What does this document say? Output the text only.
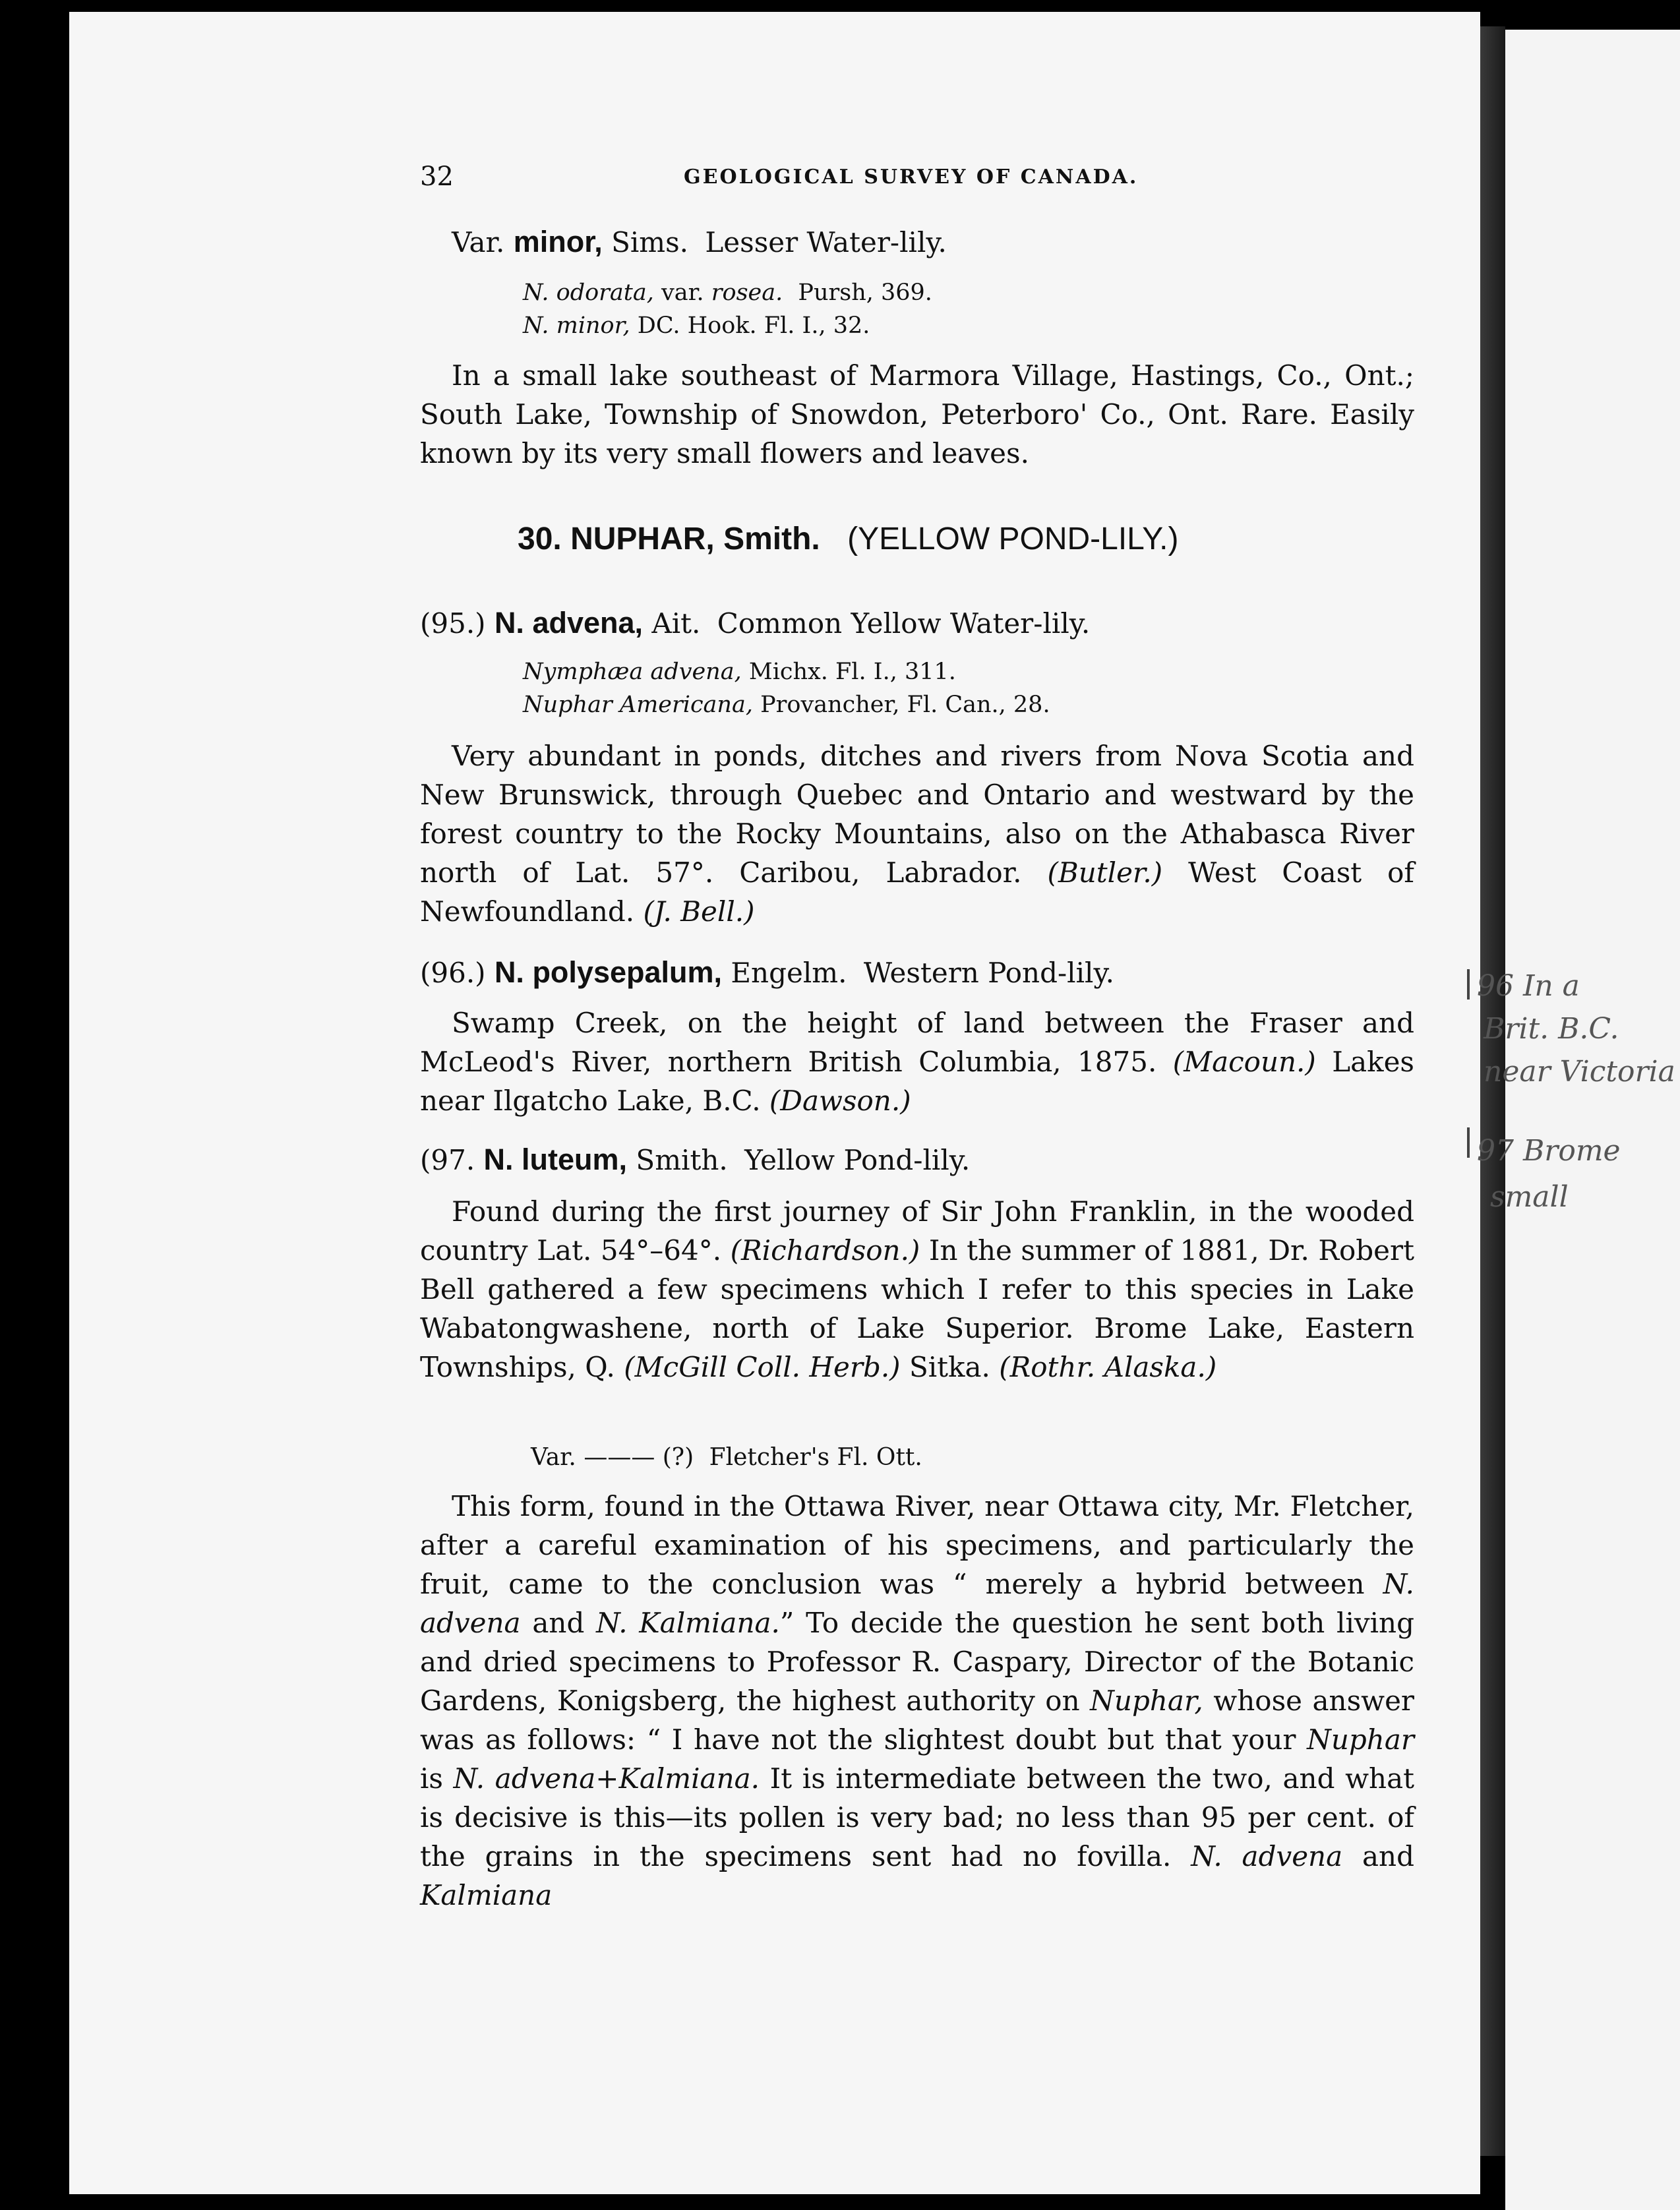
32	GEOLOGICAL SURVEY OF CANADA.
Var. minor, Sims. Lesser Water-lily.
N. odorata, var. rosea. Pursh, 369.
N. minor, DC. Hook. Fl. I., 32.
In a small lake southeast of Marmora Village, Hastings, Co., Ont.; South Lake, Township of Snowdon, Peterboro' Co., Ont. Rare. Easily known by its very small flowers and leaves.
30. NUPHAR, Smith. (YELLOW POND-LILY.)
(95.) N. advena, Ait. Common Yellow Water-lily.
Nymphæa advena, Michx. Fl. I., 311.
Nuphar Americana, Provancher, Fl. Can., 28.
Very abundant in ponds, ditches and rivers from Nova Scotia and New Brunswick, through Quebec and Ontario and westward by the forest country to the Rocky Mountains, also on the Athabasca River north of Lat. 57°. Caribou, Labrador. (Butler.) West Coast of Newfoundland. (J. Bell.)
(96.) N. polysepalum, Engelm. Western Pond-lily.
Swamp Creek, on the height of land between the Fraser and McLeod's River, northern British Columbia, 1875. (Macoun.) Lakes near Ilgatcho Lake, B.C. (Dawson.)
(97. N. luteum, Smith. Yellow Pond-lily.
Found during the first journey of Sir John Franklin, in the wooded country Lat. 54°–64°. (Richardson.) In the summer of 1881, Dr. Robert Bell gathered a few specimens which I refer to this species in Lake Wabatongwashene, north of Lake Superior. Brome Lake, Eastern Townships, Q. (McGill Coll. Herb.) Sitka. (Rothr. Alaska.)
Var. ——— (?) Fletcher's Fl. Ott.
This form, found in the Ottawa River, near Ottawa city, Mr. Fletcher, after a careful examination of his specimens, and particularly the fruit, came to the conclusion was “ merely a hybrid between N. advena and N. Kalmiana.” To decide the question he sent both living and dried specimens to Professor R. Caspary, Director of the Botanic Gardens, Konigsberg, the highest authority on Nuphar, whose answer was as follows: “ I have not the slightest doubt but that your Nuphar is N. advena+Kalmiana. It is intermediate between the two, and what is decisive is this—its pollen is very bad; no less than 95 per cent. of the grains in the specimens sent had no fovilla. N. advena and Kalmiana
96 In a
Brit. B.C.
near Victoria
97 Brome
small
